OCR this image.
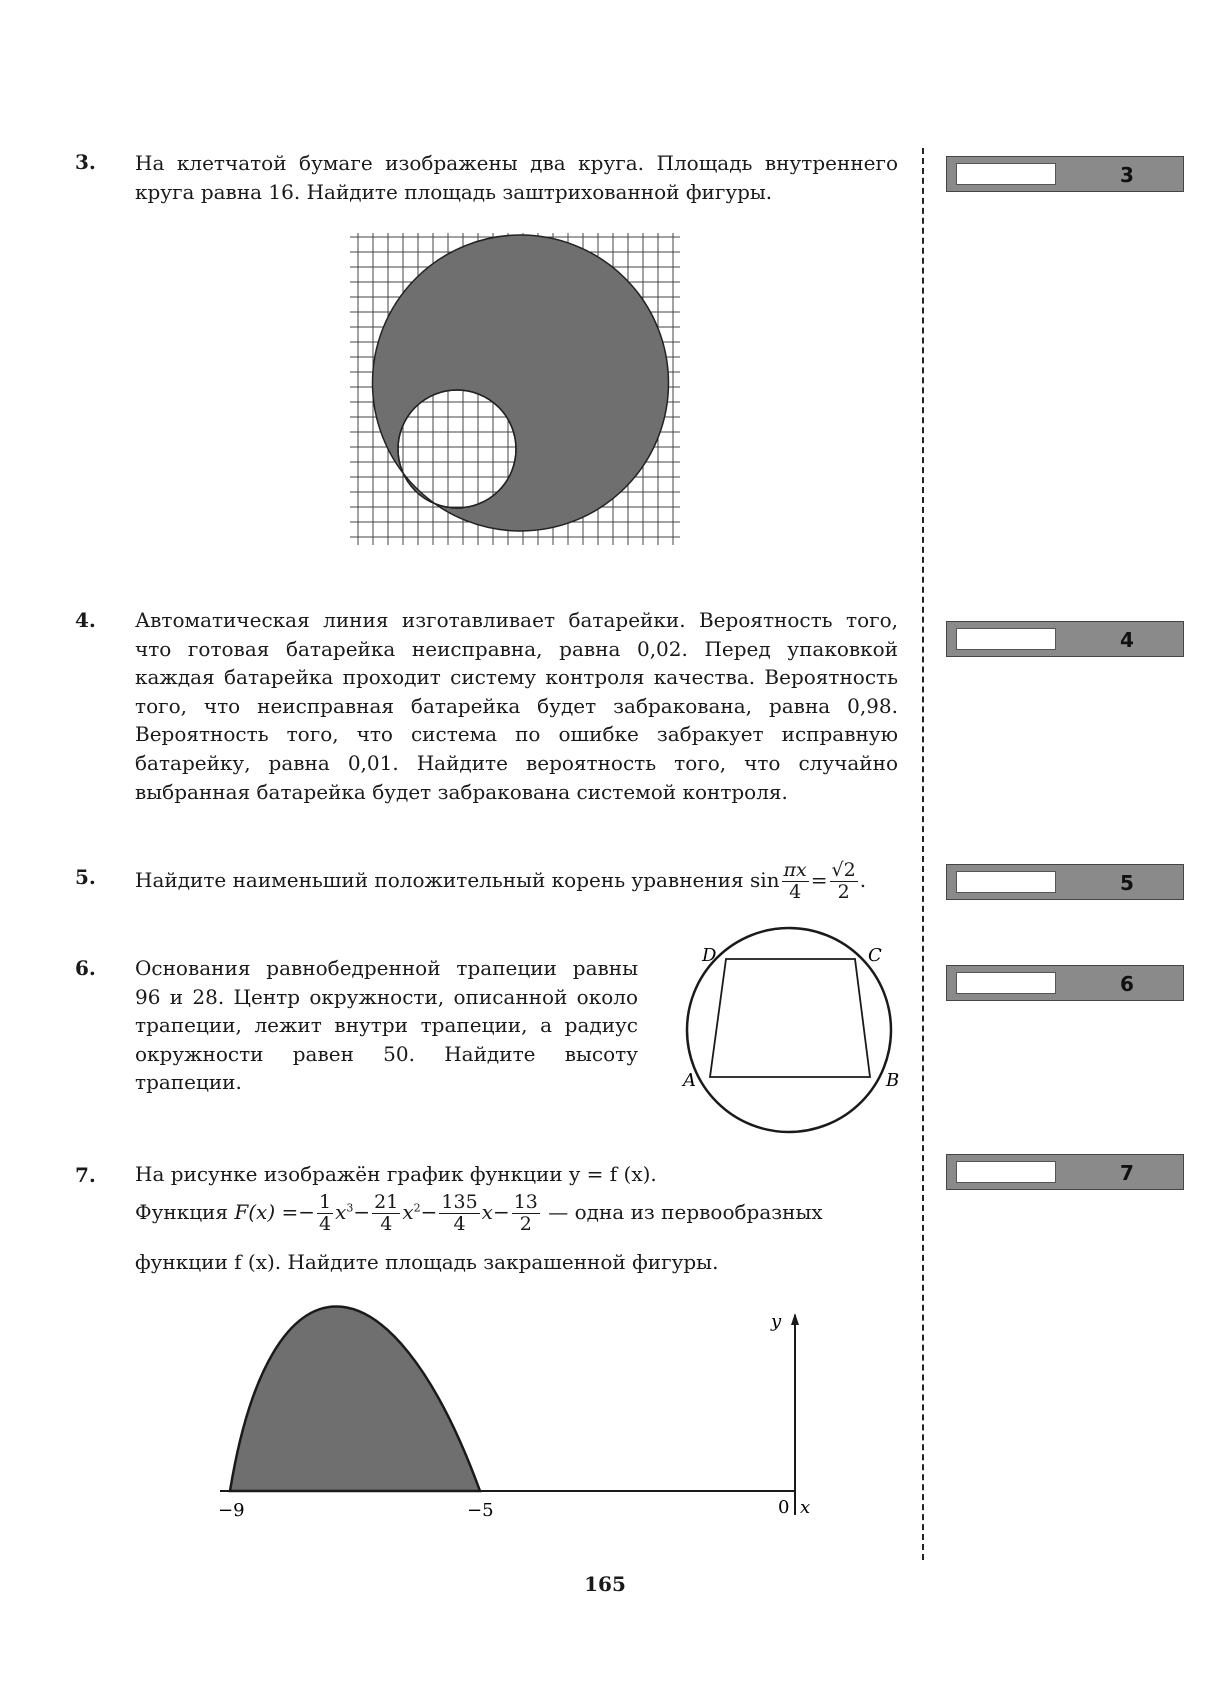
3. На клетчатой бумаге изображены два круга. Площадь внутреннего круга равна 16. Найдите площадь заштрихованной фигуры.
3
4. Автоматическая линия изготавливает батарейки. Вероятность того, что готовая батарейка неисправна, равна 0,02. Перед упаковкой каждая батарейка проходит систему контроля качества. Вероятность того, что неисправная батарейка будет забракована, равна 0,98. Вероятность того, что система по ошибке забракует исправную батарейку, равна 0,01. Найдите вероятность того, что случайно выбранная батарейка будет забракована системой контроля.
4
5. Найдите наименьший положительный корень уравнения $\sin \frac{\pi x}{4} = \frac{√2}{2}$ .	5
6. Основания равнобедренной трапеции равны 96 и 28. Центр окружности, описанной около трапеции, лежит внутри трапеции, а радиус окружности равен 50. Найдите высоту трапеции.	A	B
C
D
6
7. На рисунке изображён график функции y = f (x).
Функция $F(x) =- \frac{1}{4} x^3- \frac{21}{4} x^2- \frac{135}{4} x- \frac{13}{2}$ — одна из первообразных
функции f (x). Найдите площадь закрашенной фигуры.
y
x
0
−9	−5
7
165
